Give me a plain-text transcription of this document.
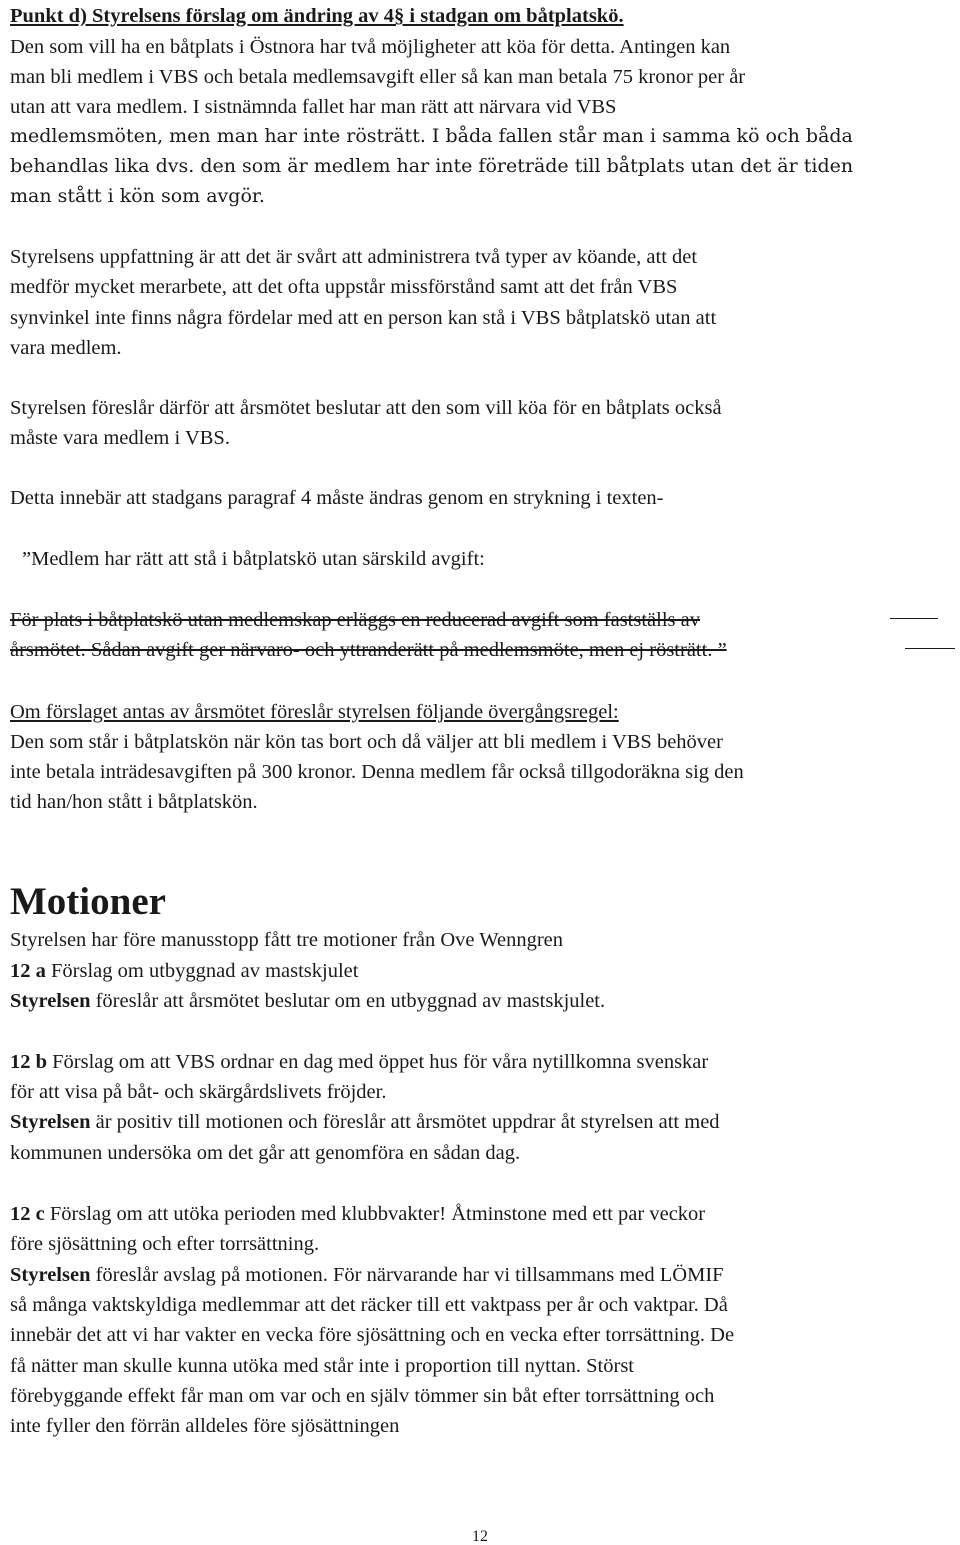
Punkt d) Styrelsens förslag om ändring av 4§ i stadgan om båtplatskö.
Den som vill ha en båtplats i Östnora har två möjligheter att köa för detta. Antingen kan
man bli medlem i VBS och betala medlemsavgift eller så kan man betala 75 kronor per år
utan att vara medlem. I sistnämnda fallet har man rätt att närvara vid VBS
medlemsmöten, men man har inte rösträtt. I båda fallen står man i samma kö och båda
behandlas lika dvs. den som är medlem har inte företräde till båtplats utan det är tiden
man stått i kön som avgör.
Styrelsens uppfattning är att det är svårt att administrera två typer av köande, att det
medför mycket merarbete, att det ofta uppstår missförstånd samt att det från VBS
synvinkel inte finns några fördelar med att en person kan stå i VBS båtplatskö utan att
vara medlem.
Styrelsen föreslår därför att årsmötet beslutar att den som vill köa för en båtplats också
måste vara medlem i VBS.
Detta innebär att stadgans paragraf 4 måste ändras genom en strykning i texten-
”Medlem har rätt att stå i båtplatskö utan särskild avgift:
För plats i båtplatskö utan medlemskap erläggs en reducerad avgift som fastställs av
årsmötet. Sådan avgift ger närvaro- och yttranderätt på medlemsmöte, men ej rösträtt. ”
Om förslaget antas av årsmötet föreslår styrelsen följande övergångsregel:
Den som står i båtplatskön när kön tas bort och då väljer att bli medlem i VBS behöver
inte betala inträdesavgiften på 300 kronor. Denna medlem får också tillgodoräkna sig den
tid han/hon stått i båtplatskön.
Motioner
Styrelsen har före manusstopp fått tre motioner från Ove Wenngren
12 a Förslag om utbyggnad av mastskjulet
Styrelsen föreslår att årsmötet beslutar om en utbyggnad av mastskjulet.
12 b Förslag om att VBS ordnar en dag med öppet hus för våra nytillkomna svenskar
för att visa på båt- och skärgårdslivets fröjder.
Styrelsen är positiv till motionen och föreslår att årsmötet uppdrar åt styrelsen att med
kommunen undersöka om det går att genomföra en sådan dag.
12 c Förslag om att utöka perioden med klubbvakter! Åtminstone med ett par veckor
före sjösättning och efter torrsättning.
Styrelsen föreslår avslag på motionen. För närvarande har vi tillsammans med LÖMIF
så många vaktskyldiga medlemmar att det räcker till ett vaktpass per år och vaktpar. Då
innebär det att vi har vakter en vecka före sjösättning och en vecka efter torrsättning. De
få nätter man skulle kunna utöka med står inte i proportion till nyttan. Störst
förebyggande effekt får man om var och en själv tömmer sin båt efter torrsättning och
inte fyller den förrän alldeles före sjösättningen
12
